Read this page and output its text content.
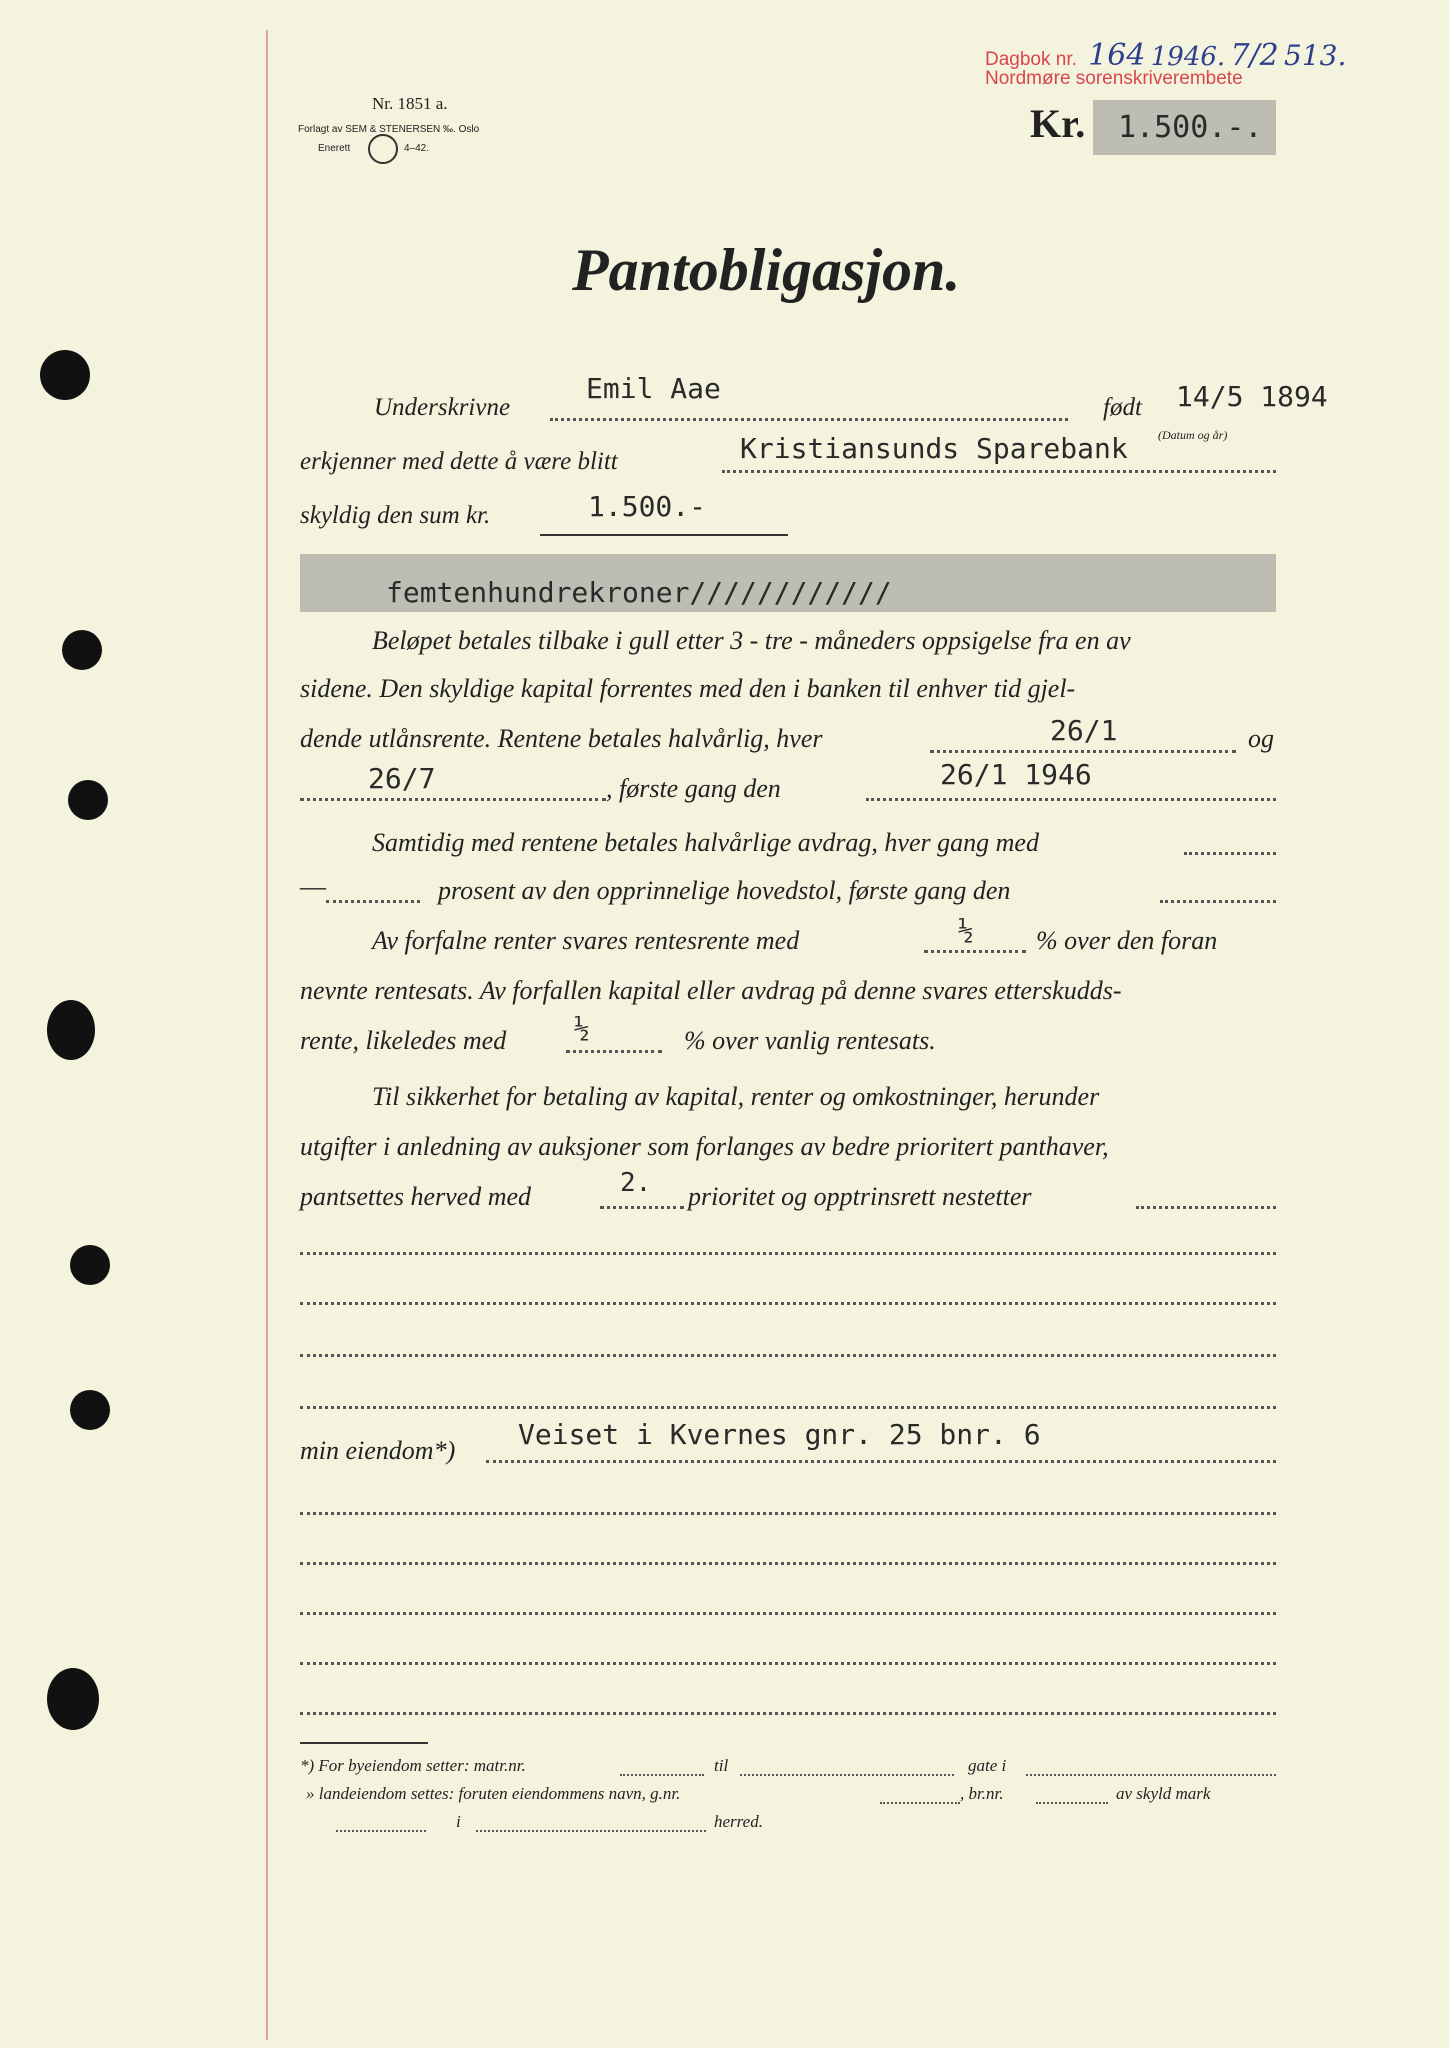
Dagbok nr. 164 1946. 7/2 513.
Nordmøre sorenskriverembete
Nr. 1851 a.
Forlagt av SEM & STENERSEN ‰. Oslo
Enerett	4–42.
Kr. 1.500.-.
Pantobligasjon.
Underskrivne
Emil Aae
født 14/5 1894
(Datum og år)
erkjenner med dette å være blitt	Kristiansunds Sparebank
skyldig den sum kr.	1.500.-
femtenhundrekroner////////////
Beløpet betales tilbake i gull etter 3 - tre - måneders oppsigelse fra en av
sidene. Den skyldige kapital forrentes med den i banken til enhver tid gjel-
dende utlånsrente. Rentene betales halvårlig, hver	26/1	og
26/7	, første gang den	26/1 1946
Samtidig med rentene betales halvårlige avdrag, hver gang med
—	prosent av den opprinnelige hovedstol, første gang den
Av forfalne renter svares rentesrente med	½ % over den foran
nevnte rentesats. Av forfallen kapital eller avdrag på denne svares etterskudds-
rente, likeledes med	½	% over vanlig rentesats.
Til sikkerhet for betaling av kapital, renter og omkostninger, herunder
utgifter i anledning av auksjoner som forlanges av bedre prioritert panthaver,
pantsettes herved med	2. prioritet og opptrinsrett nestetter
min eiendom*) Veiset i Kvernes gnr. 25 bnr. 6
*) For byeiendom setter: matr.nr.	til	gate i
» landeiendom settes: foruten eiendommens navn, g.nr.	, br.nr.	av skyld mark
i	herred.
